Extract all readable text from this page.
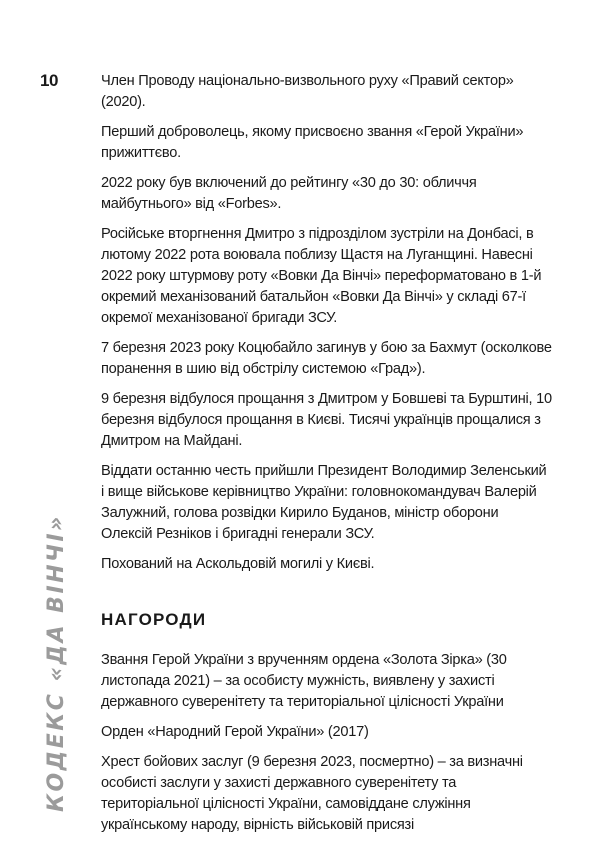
10
КОДЕКС «ДА ВІНЧІ»

Член Проводу національно-визвольного руху «Правий сектор» (2020).

Перший доброволець, якому присвоєно звання «Герой України» прижиттєво.

2022 року був включений до рейтингу «30 до 30: обличчя майбутнього» від «Forbes».

Російське вторгнення Дмитро з підрозділом зустріли на Донбасі, в лютому 2022 рота воювала поблизу Щастя на Луганщині. Навесні 2022 року штурмову роту «Вовки Да Вінчі» переформатовано в 1-й окремий механізований батальйон «Вовки Да Вінчі» у складі 67-ї окремої механізованої бригади ЗСУ.

7 березня 2023 року Коцюбайло загинув у бою за Бахмут (осколкове поранення в шию від обстрілу системою «Град»).

9 березня відбулося прощання з Дмитром у Бовшеві та Бурштині, 10 березня відбулося прощання в Києві. Тисячі українців прощалися з Дмитром на Майдані.

Віддати останню честь прийшли Президент Володимир Зеленський і вище військове керівництво України: головнокомандувач Валерій Залужний, голова розвідки Кирило Буданов, міністр оборони Олексій Резніков і бригадні генерали ЗСУ.

Похований на Аскольдовій могилі у Києві.

НАГОРОДИ

Звання Герой України з врученням ордена «Золота Зірка» (30 листопада 2021) – за особисту мужність, виявлену у захисті державного суверенітету та територіальної цілісності України

Орден «Народний Герой України» (2017)

Хрест бойових заслуг (9 березня 2023, посмертно) – за визначні особисті заслуги у захисті державного суверенітету та територіальної цілісності України, самовіддане служіння українському народу, вірність військовій присязі
